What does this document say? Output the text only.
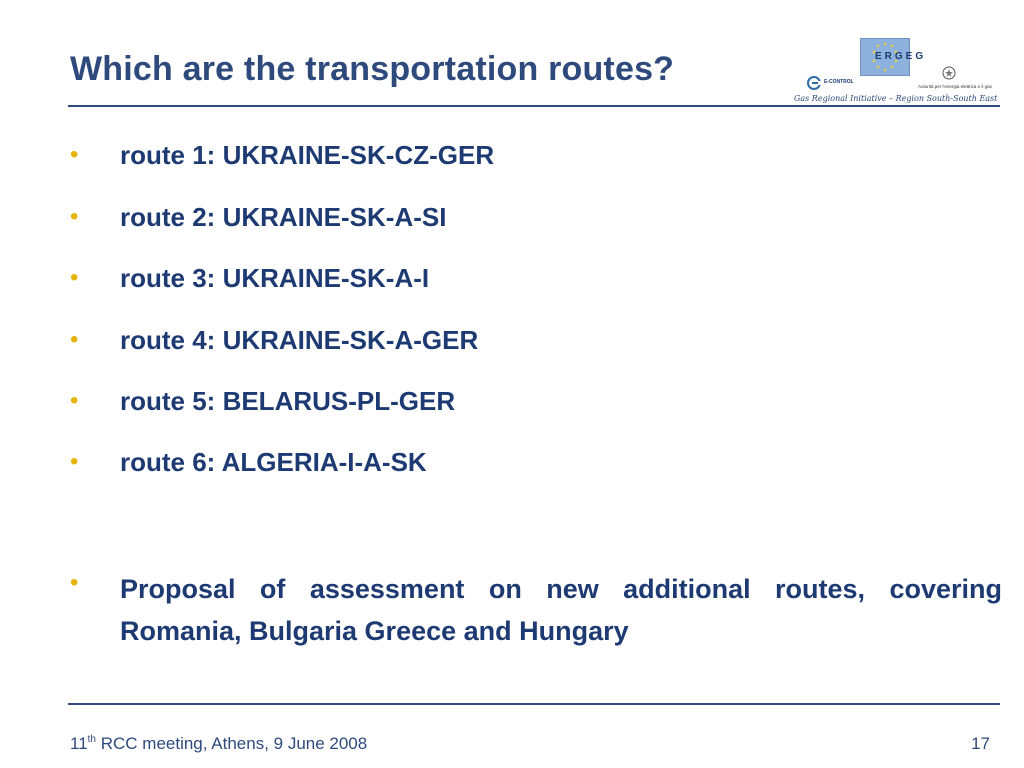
Which are the transportation routes?	ERGEG
E-CONTROL
Autorità per l'energia elettrica e il gas
Gas Regional Initiative – Region South-South East
• route 1: UKRAINE-SK-CZ-GER
• route 2: UKRAINE-SK-A-SI
• route 3: UKRAINE-SK-A-I
• route 4: UKRAINE-SK-A-GER
• route 5: BELARUS-PL-GER
• route 6: ALGERIA-I-A-SK
• Proposal of assessment on new additional routes, covering Romania, Bulgaria Greece and Hungary
11th RCC meeting, Athens, 9 June 2008	17
